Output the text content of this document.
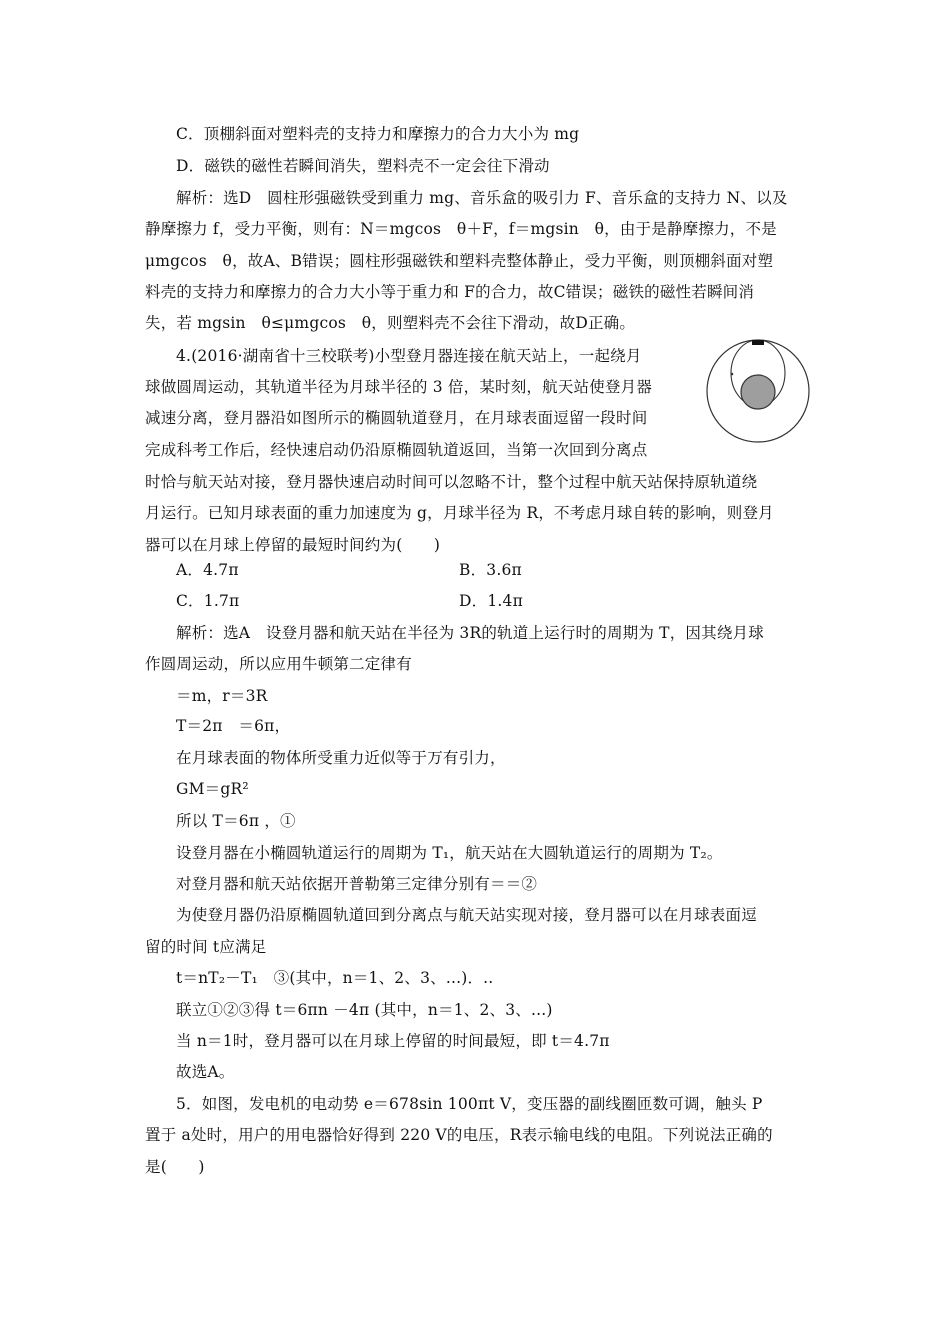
C．顶棚斜面对塑料壳的支持力和摩擦力的合力大小为 mg
D．磁铁的磁性若瞬间消失，塑料壳不一定会往下滑动
解析：选D　圆柱形强磁铁受到重力 mg、音乐盒的吸引力 F、音乐盒的支持力 N、以及
静摩擦力 f，受力平衡，则有：N＝mgcos　θ＋F，f＝mgsin　θ，由于是静摩擦力，不是
μmgcos　θ，故A、B错误；圆柱形强磁铁和塑料壳整体静止，受力平衡，则顶棚斜面对塑
料壳的支持力和摩擦力的合力大小等于重力和 F的合力，故C错误；磁铁的磁性若瞬间消
失，若 mgsin　θ≤μmgcos　θ，则塑料壳不会往下滑动，故D正确。
4.(2016·湖南省十三校联考)小型登月器连接在航天站上，一起绕月
球做圆周运动，其轨道半径为月球半径的 3 倍，某时刻，航天站使登月器
减速分离，登月器沿如图所示的椭圆轨道登月，在月球表面逗留一段时间
完成科考工作后，经快速启动仍沿原椭圆轨道返回，当第一次回到分离点
时恰与航天站对接，登月器快速启动时间可以忽略不计，整个过程中航天站保持原轨道绕
月运行。已知月球表面的重力加速度为 g，月球半径为 R，不考虑月球自转的影响，则登月
器可以在月球上停留的最短时间约为(　　)
A．4.7π	B．3.6π
C．1.7π	D．1.4π
解析：选A　设登月器和航天站在半径为 3R的轨道上运行时的周期为 T，因其绕月球
作圆周运动，所以应用牛顿第二定律有
＝m，r＝3R
T＝2π　＝6π，
在月球表面的物体所受重力近似等于万有引力，
GM＝gR²
所以 T＝6π ，①
设登月器在小椭圆轨道运行的周期为 T₁，航天站在大圆轨道运行的周期为 T₂。
对登月器和航天站依据开普勒第三定律分别有＝＝②
为使登月器仍沿原椭圆轨道回到分离点与航天站实现对接，登月器可以在月球表面逗
留的时间 t应满足
t＝nT₂－T₁　③(其中，n＝1、2、3、...)．..
联立①②③得 t＝6πn －4π (其中，n＝1、2、3、...)
当 n＝1时，登月器可以在月球上停留的时间最短，即 t＝4.7π
故选A。
5．如图，发电机的电动势 e＝678sin 100πt V，变压器的副线圈匝数可调，触头 P
置于 a处时，用户的用电器恰好得到 220 V的电压，R表示输电线的电阻。下列说法正确的
是(　　)
